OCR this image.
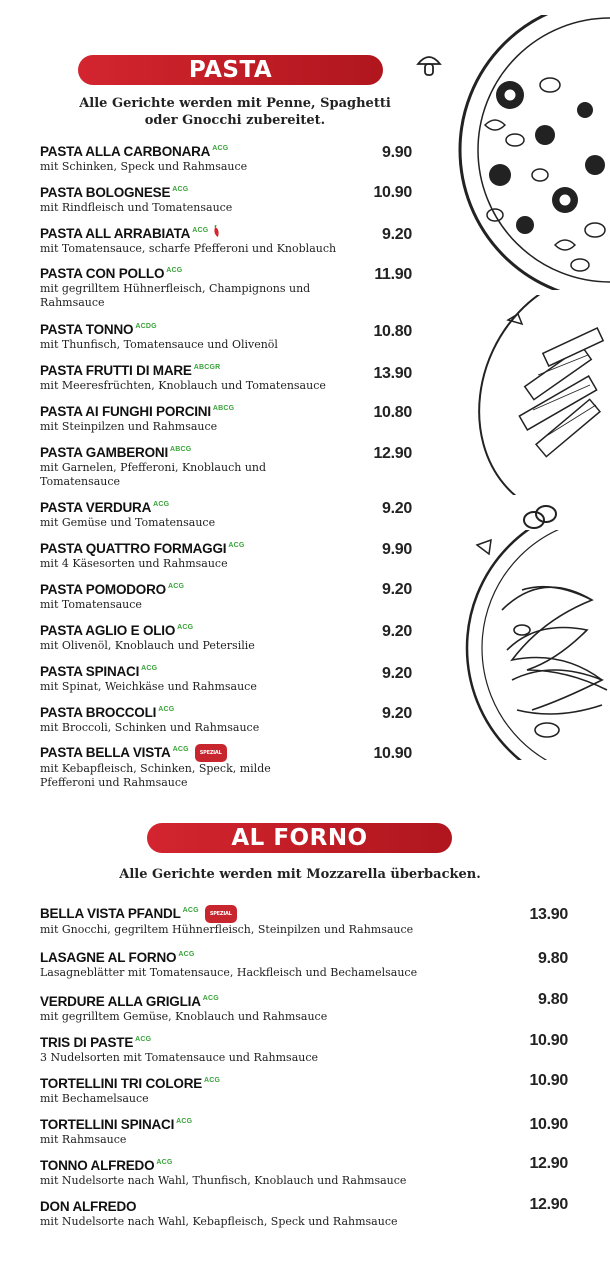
PASTA
Alle Gerichte werden mit Penne, Spaghetti
oder Gnocchi zubereitet.
PASTA ALLA CARBONARA $^{ACG}$
mit Schinken, Speck und Rahmsauce
9.90
PASTA BOLOGNESE $^{ACG}$
mit Rindfleisch und Tomatensauce
10.90
PASTA ALL ARRABIATA $^{ACG}$
mit Tomatensauce, scharfe Pfefferoni und Knoblauch
9.20
PASTA CON POLLO $^{ACG}$
mit gegrilltem Hühnerfleisch, Champignons und
Rahmsauce
11.90
PASTA TONNO $^{ACDG}$
mit Thunfisch, Tomatensauce und Olivenöl
10.80
PASTA FRUTTI DI MARE $^{ABCGR}$
mit Meeresfrüchten, Knoblauch und Tomatensauce
13.90
PASTA AI FUNGHI PORCINI $^{ABCG}$
mit Steinpilzen und Rahmsauce
10.80
PASTA GAMBERONI $^{ABCG}$
mit Garnelen, Pfefferoni, Knoblauch und
Tomatensauce
12.90
PASTA VERDURA $^{ACG}$
mit Gemüse und Tomatensauce
9.20
PASTA QUATTRO FORMAGGI $^{ACG}$
mit 4 Käsesorten und Rahmsauce
9.90
PASTA POMODORO $^{ACG}$
mit Tomatensauce
9.20
PASTA AGLIO E OLIO $^{ACG}$
mit Olivenöl, Knoblauch und Petersilie
9.20
PASTA SPINACI $^{ACG}$
mit Spinat, Weichkäse und Rahmsauce
9.20
PASTA BROCCOLI $^{ACG}$
mit Broccoli, Schinken und Rahmsauce
9.20
PASTA BELLA VISTA $^{ACG}$ SPEZIAL
mit Kebapfleisch, Schinken, Speck, milde
Pfefferoni und Rahmsauce
10.90
AL FORNO
Alle Gerichte werden mit Mozzarella überbacken.
BELLA VISTA PFANDL $^{ACG}$ SPEZIAL
mit Gnocchi, gegriltem Hühnerfleisch, Steinpilzen und Rahmsauce
13.90
LASAGNE AL FORNO $^{ACG}$
Lasagneblätter mit Tomatensauce, Hackfleisch und Bechamelsauce
9.80
VERDURE ALLA GRIGLIA $^{ACG}$
mit gegrilltem Gemüse, Knoblauch und Rahmsauce
9.80
TRIS DI PASTE $^{ACG}$
3 Nudelsorten mit Tomatensauce und Rahmsauce
10.90
TORTELLINI TRI COLORE $^{ACG}$
mit Bechamelsauce
10.90
TORTELLINI SPINACI $^{ACG}$
mit Rahmsauce
10.90
TONNO ALFREDO $^{ACG}$
mit Nudelsorte nach Wahl, Thunfisch, Knoblauch und Rahmsauce
12.90
DON ALFREDO
mit Nudelsorte nach Wahl, Kebapfleisch, Speck und Rahmsauce
12.90
